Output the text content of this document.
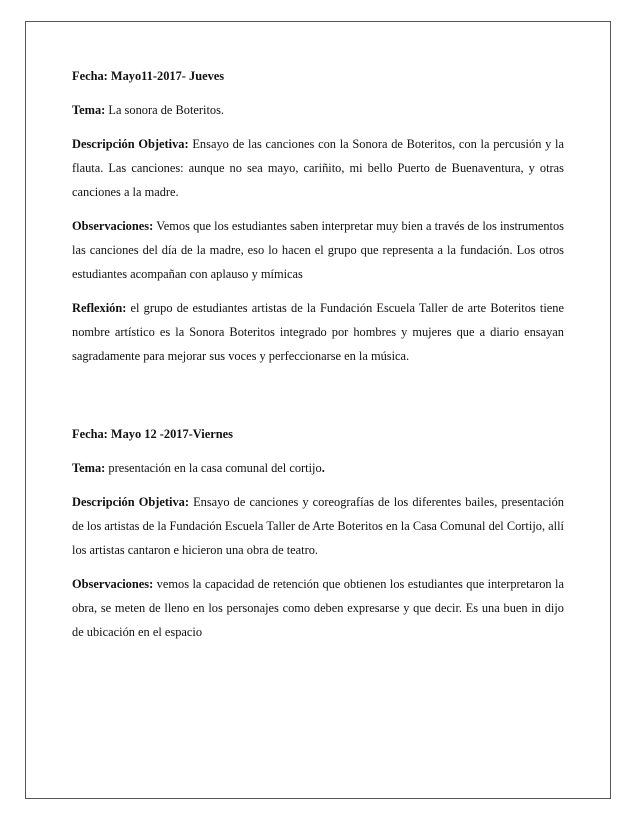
Fecha: Mayo11-2017- Jueves

Tema: La sonora de Boteritos.

Descripción Objetiva: Ensayo de las canciones con la Sonora de Boteritos, con la percusión y la flauta. Las canciones: aunque no sea mayo, cariñito, mi bello Puerto de Buenaventura, y otras canciones a la madre.

Observaciones: Vemos que los estudiantes saben interpretar muy bien a través de los instrumentos las canciones del día de la madre, eso lo hacen el grupo que representa a la fundación. Los otros estudiantes acompañan con aplauso y mímicas

Reflexión: el grupo de estudiantes artistas de la Fundación Escuela Taller de arte Boteritos tiene nombre artístico es la Sonora Boteritos integrado por hombres y mujeres que a diario ensayan sagradamente para mejorar sus voces y perfeccionarse en la música.

Fecha: Mayo 12 -2017-Viernes

Tema: presentación en la casa comunal del cortijo.

Descripción Objetiva: Ensayo de canciones y coreografías de los diferentes bailes, presentación de los artistas de la Fundación Escuela Taller de Arte Boteritos en la Casa Comunal del Cortijo, allí los artistas cantaron e hicieron una obra de teatro.

Observaciones: vemos la capacidad de retención que obtienen los estudiantes que interpretaron la obra, se meten de lleno en los personajes como deben expresarse y que decir. Es una buen in dijo de ubicación en el espacio
